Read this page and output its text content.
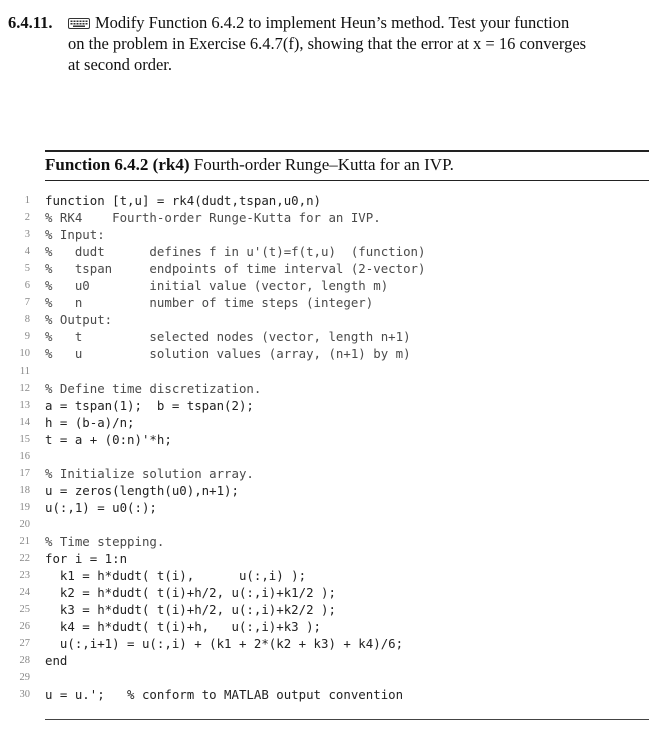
6.4.11.	Modify Function 6.4.2 to implement Heun’s method. Test your function
on the problem in Exercise 6.4.7(f), showing that the error at x = 16 converges
at second order.
Function 6.4.2 (rk4) Fourth-order Runge–Kutta for an IVP.
1 function [t,u] = rk4(dudt,tspan,u0,n)
2 % RK4    Fourth-order Runge-Kutta for an IVP.
3 % Input:
4 %   dudt      defines f in u'(t)=f(t,u)  (function)
5 %   tspan     endpoints of time interval (2-vector)
6 %   u0        initial value (vector, length m)
7 %   n         number of time steps (integer)
8 % Output:
9 %   t         selected nodes (vector, length n+1)
10 %   u         solution values (array, (n+1) by m)
11
12 % Define time discretization.
13 a = tspan(1);  b = tspan(2);
14 h = (b-a)/n;
15 t = a + (0:n)'*h;
16
17 % Initialize solution array.
18 u = zeros(length(u0),n+1);
19 u(:,1) = u0(:);
20
21 % Time stepping.
22 for i = 1:n
23 k1 = h*dudt( t(i),      u(:,i) );
24 k2 = h*dudt( t(i)+h/2, u(:,i)+k1/2 );
25 k3 = h*dudt( t(i)+h/2, u(:,i)+k2/2 );
26 k4 = h*dudt( t(i)+h,   u(:,i)+k3 );
27 u(:,i+1) = u(:,i) + (k1 + 2*(k2 + k3) + k4)/6;
28 end
29
30 u = u.';   % conform to MATLAB output convention
